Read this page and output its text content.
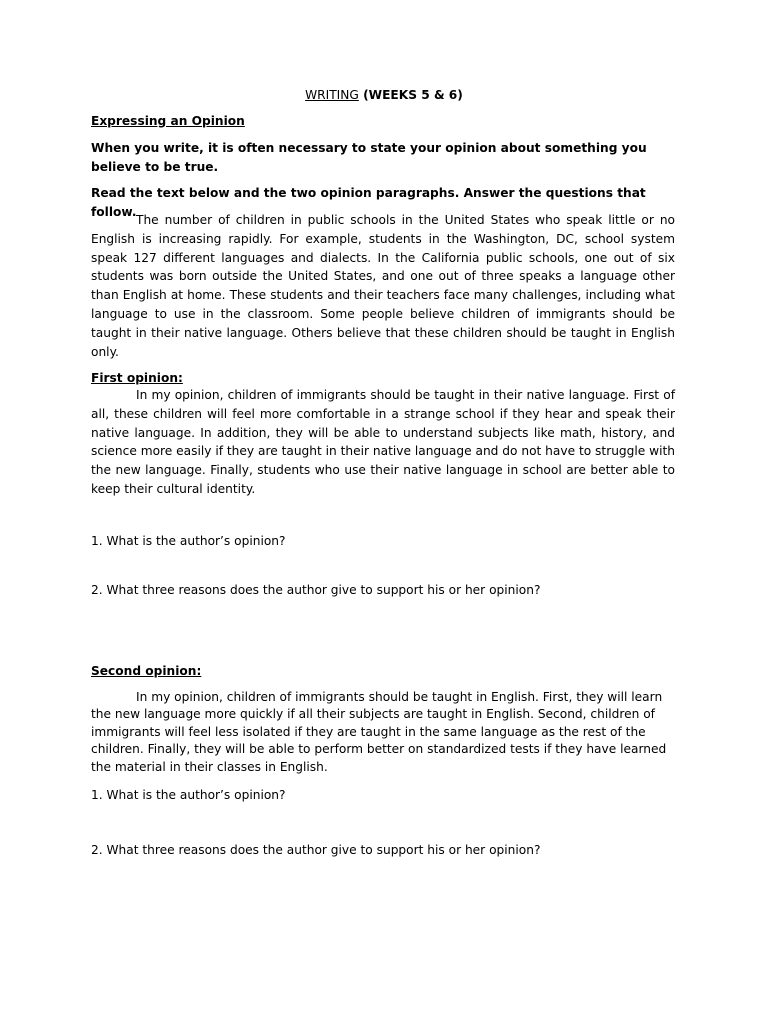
WRITING (WEEKS 5 & 6)

Expressing an Opinion

When you write, it is often necessary to state your opinion about something you believe to be true.

Read the text below and the two opinion paragraphs. Answer the questions that follow.

The number of children in public schools in the United States who speak little or no English is increasing rapidly. For example, students in the Washington, DC, school system speak 127 different languages and dialects. In the California public schools, one out of six students was born outside the United States, and one out of three speaks a language other than English at home. These students and their teachers face many challenges, including what language to use in the classroom. Some people believe children of immigrants should be taught in their native language. Others believe that these children should be taught in English only.

First opinion:

In my opinion, children of immigrants should be taught in their native language. First of all, these children will feel more comfortable in a strange school if they hear and speak their native language. In addition, they will be able to understand subjects like math, history, and science more easily if they are taught in their native language and do not have to struggle with the new language. Finally, students who use their native language in school are better able to keep their cultural identity.

1. What is the author’s opinion?

2. What three reasons does the author give to support his or her opinion?

Second opinion:

In my opinion, children of immigrants should be taught in English. First, they will learn the new language more quickly if all their subjects are taught in English. Second, children of immigrants will feel less isolated if they are taught in the same language as the rest of the children. Finally, they will be able to perform better on standardized tests if they have learned the material in their classes in English.

1. What is the author’s opinion?

2. What three reasons does the author give to support his or her opinion?
